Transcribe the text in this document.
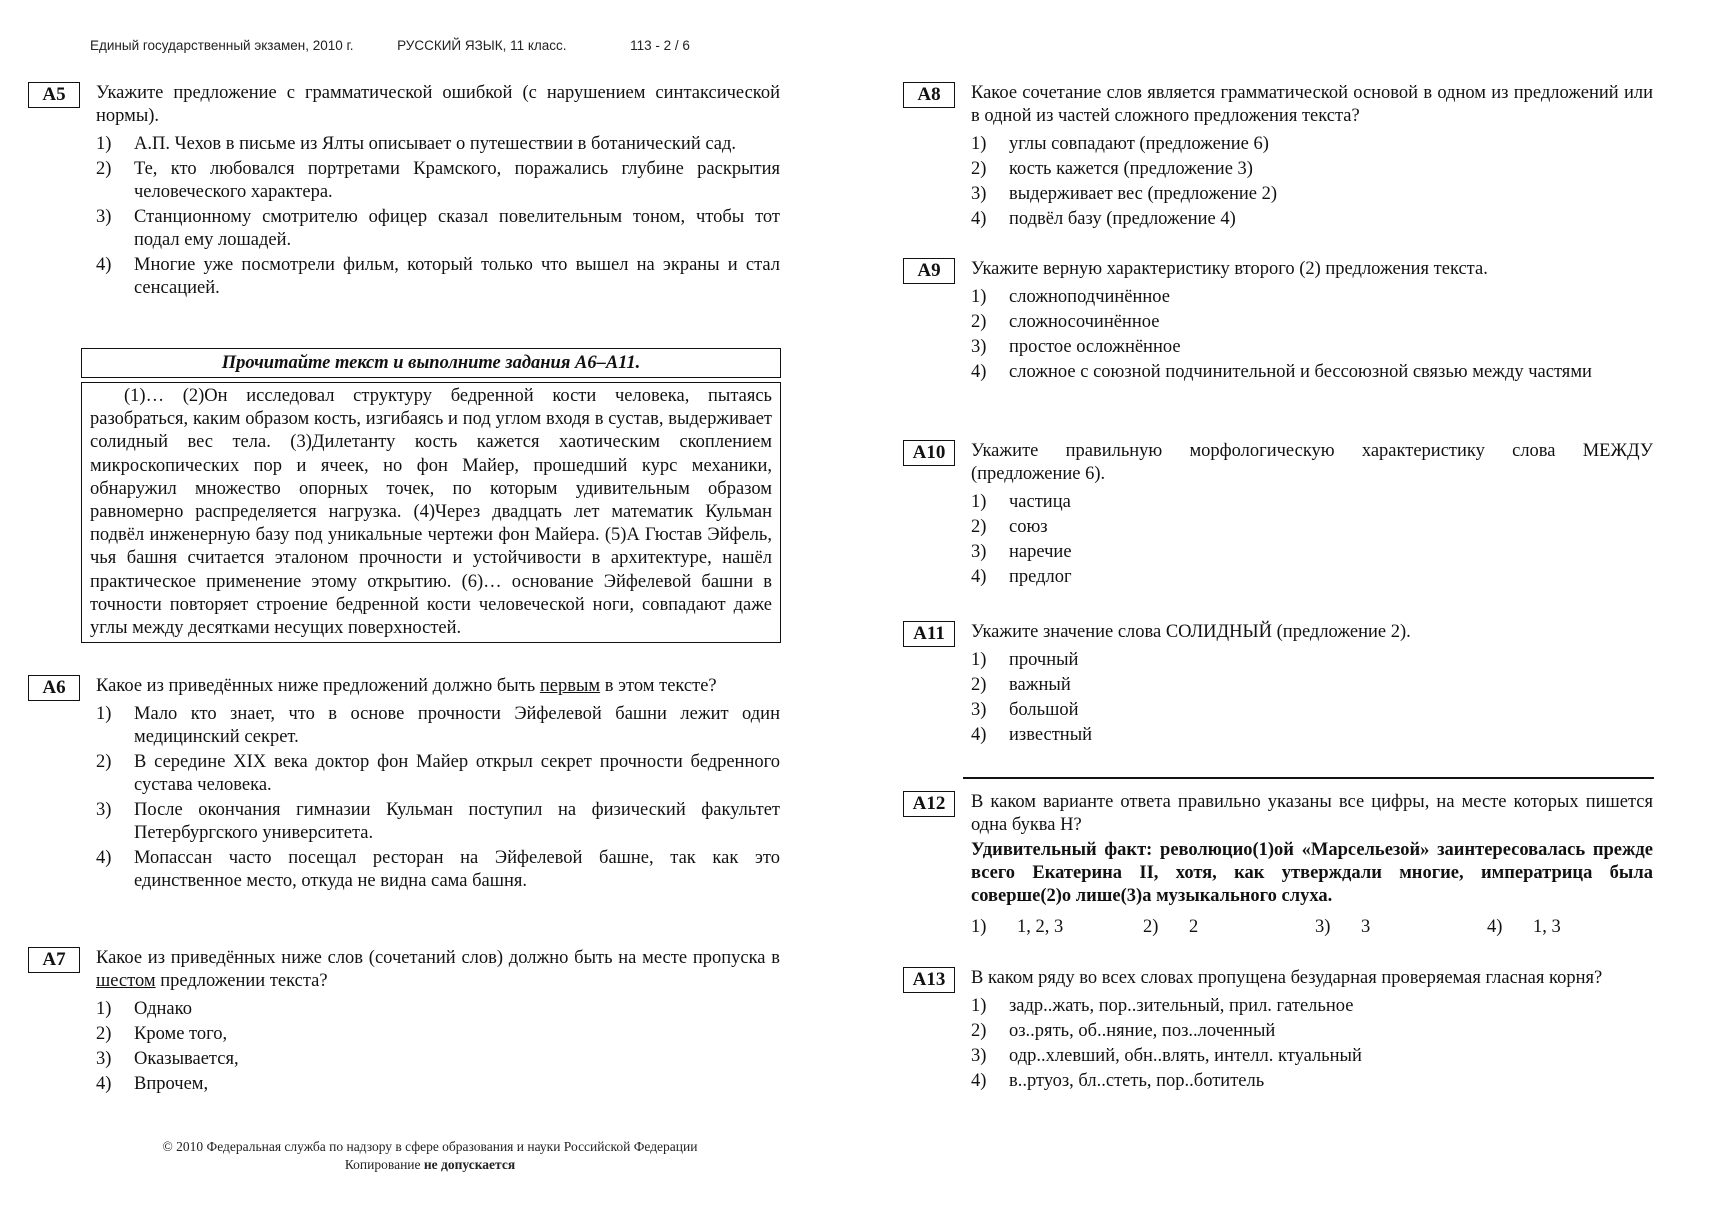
Единый государственный экзамен, 2010 г.	РУССКИЙ ЯЗЫК, 11 класс.	113 - 2 / 6
А5	Укажите предложение с грамматической ошибкой (с нарушением синтаксической нормы).

1)	А.П. Чехов в письме из Ялты описывает о путешествии в ботанический сад.
2)	Те, кто любовался портретами Крамского, поражались глубине раскрытия человеческого характера.
3)	Станционному смотрителю офицер сказал повелительным тоном, чтобы тот подал ему лошадей.
4)	Многие уже посмотрели фильм, который только что вышел на экраны и стал сенсацией.
Прочитайте текст и выполните задания А6–А11.

(1)… (2)Он исследовал структуру бедренной кости человека, пытаясь разобраться, каким образом кость, изгибаясь и под углом входя в сустав, выдерживает солидный вес тела. (3)Дилетанту кость кажется хаотическим скоплением микроскопических пор и ячеек, но фон Майер, прошедший курс механики, обнаружил множество опорных точек, по которым удивительным образом равномерно распределяется нагрузка. (4)Через двадцать лет математик Кульман подвёл инженерную базу под уникальные чертежи фон Майера. (5)А Гюстав Эйфель, чья башня считается эталоном прочности и устойчивости в архитектуре, нашёл практическое применение этому открытию. (6)… основание Эйфелевой башни в точности повторяет строение бедренной кости человеческой ноги, совпадают даже углы между десятками несущих поверхностей.

А6	Какое из приведённых ниже предложений должно быть первым в этом тексте?

1)	Мало кто знает, что в основе прочности Эйфелевой башни лежит один медицинский секрет.
2)	В середине XIX века доктор фон Майер открыл секрет прочности бедренного сустава человека.
3)	После окончания гимназии Кульман поступил на физический факультет Петербургского университета.
4)	Мопассан часто посещал ресторан на Эйфелевой башне, так как это единственное место, откуда не видна сама башня.
А7	Какое из приведённых ниже слов (сочетаний слов) должно быть на месте пропуска в шестом предложении текста?

1)	Однако
2)	Кроме того,
3)	Оказывается,
4)	Впрочем,
А8	Какое сочетание слов является грамматической основой в одном из предложений или в одной из частей сложного предложения текста?

1)	углы совпадают (предложение 6)
2)	кость кажется (предложение 3)
3)	выдерживает вес (предложение 2)
4)	подвёл базу (предложение 4)
А9	Укажите верную характеристику второго (2) предложения текста.

1)	сложноподчинённое
2)	сложносочинённое
3)	простое осложнённое
4)	сложное с союзной подчинительной и бессоюзной связью между частями
А10	Укажите правильную морфологическую характеристику слова МЕЖДУ (предложение 6).

1)	частица
2)	союз
3)	наречие
4)	предлог
А11	Укажите значение слова СОЛИДНЫЙ (предложение 2).

1)	прочный
2)	важный
3)	большой
4)	известный
А12	В каком варианте ответа правильно указаны все цифры, на месте которых пишется одна буква Н?

Удивительный факт: революцио(1)ой «Марсельезой» заинтересовалась прежде всего Екатерина II, хотя, как утверждали многие, императрица была соверше(2)о лише(3)а музыкального слуха.

1)	1, 2, 3	2)	2	3)	3	4)	1, 3
А13	В каком ряду во всех словах пропущена безударная проверяемая гласная корня?

1)	задр..жать, пор..зительный, прил. гательное
2)	оз..рять, об..няние, поз..лоченный
3)	одр..хлевший, обн..влять, интелл. ктуальный
4)	в..ртуоз, бл..стеть, пор..ботитель
© 2010 Федеральная служба по надзору в сфере образования и науки Российской Федерации
Копирование не допускается
